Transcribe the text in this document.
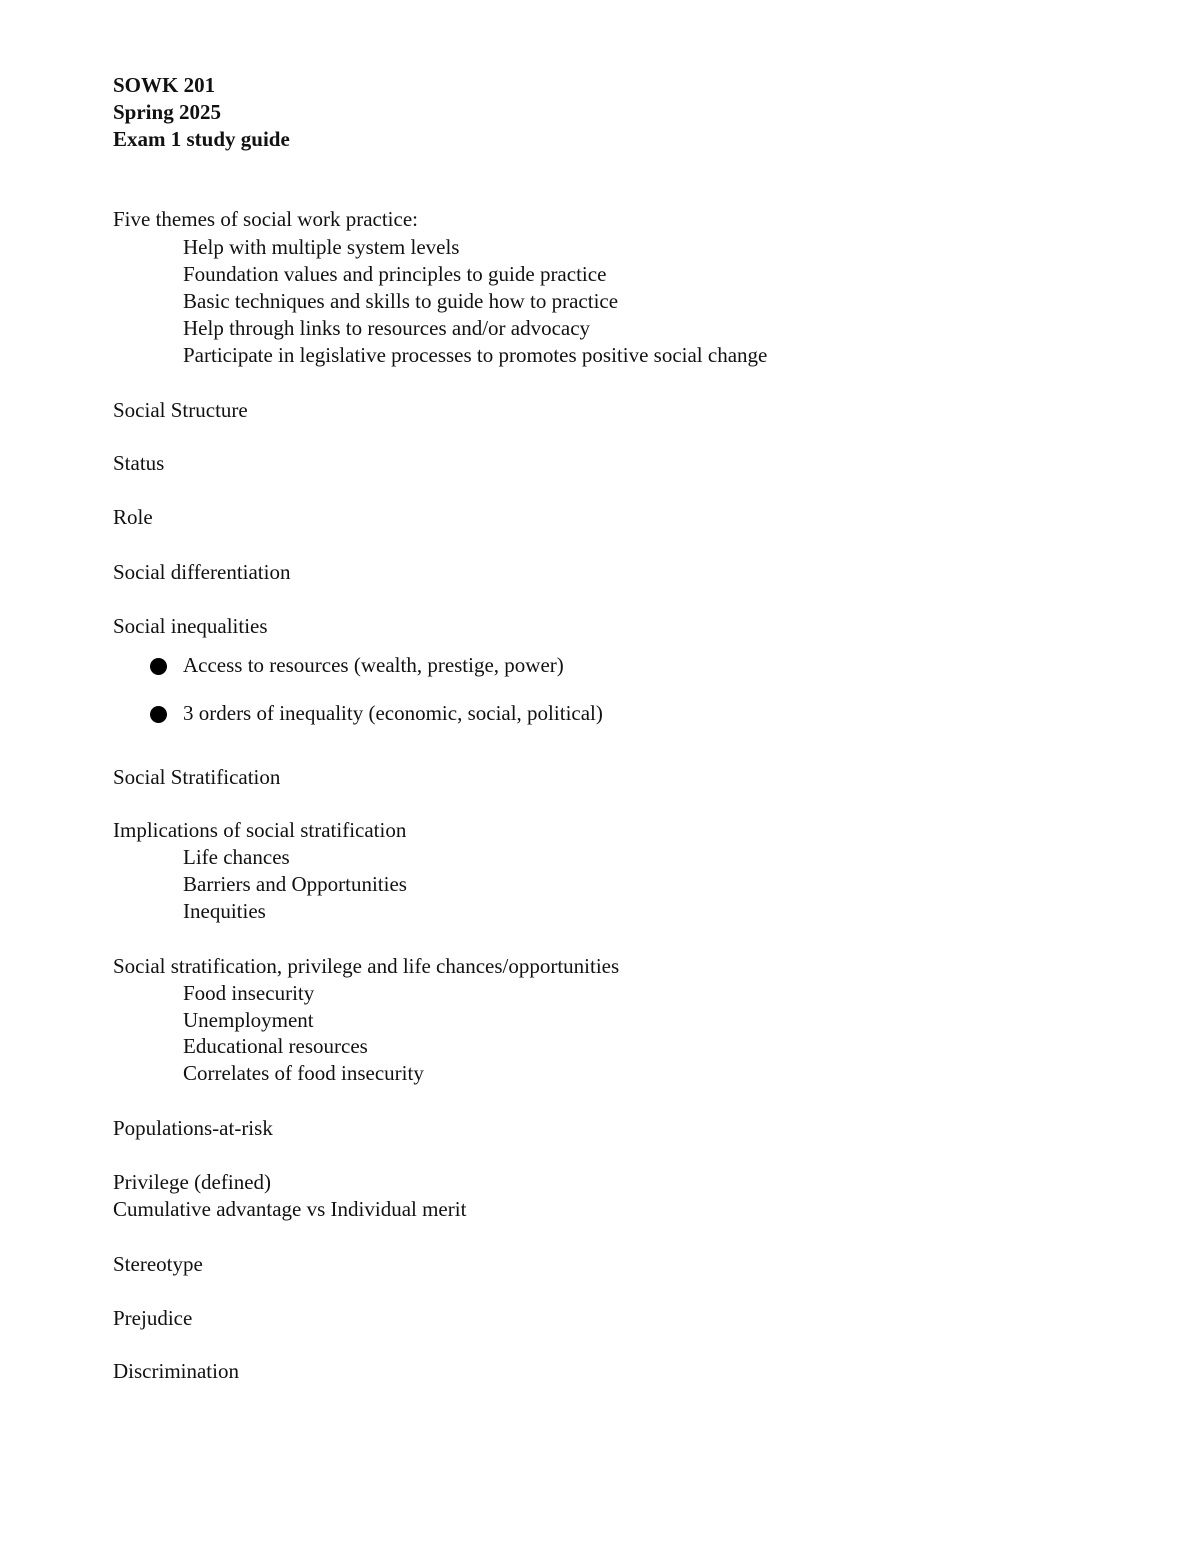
SOWK 201
Spring 2025
Exam 1 study guide
Five themes of social work practice:
Help with multiple system levels
Foundation values and principles to guide practice
Basic techniques and skills to guide how to practice
Help through links to resources and/or advocacy
Participate in legislative processes to promotes positive social change
Social Structure
Status
Role
Social differentiation
Social inequalities
Access to resources (wealth, prestige, power)
3 orders of inequality (economic, social, political)
Social Stratification
Implications of social stratification
Life chances
Barriers and Opportunities
Inequities
Social stratification, privilege and life chances/opportunities
Food insecurity
Unemployment
Educational resources
Correlates of food insecurity
Populations-at-risk
Privilege (defined)
Cumulative advantage vs Individual merit
Stereotype
Prejudice
Discrimination
